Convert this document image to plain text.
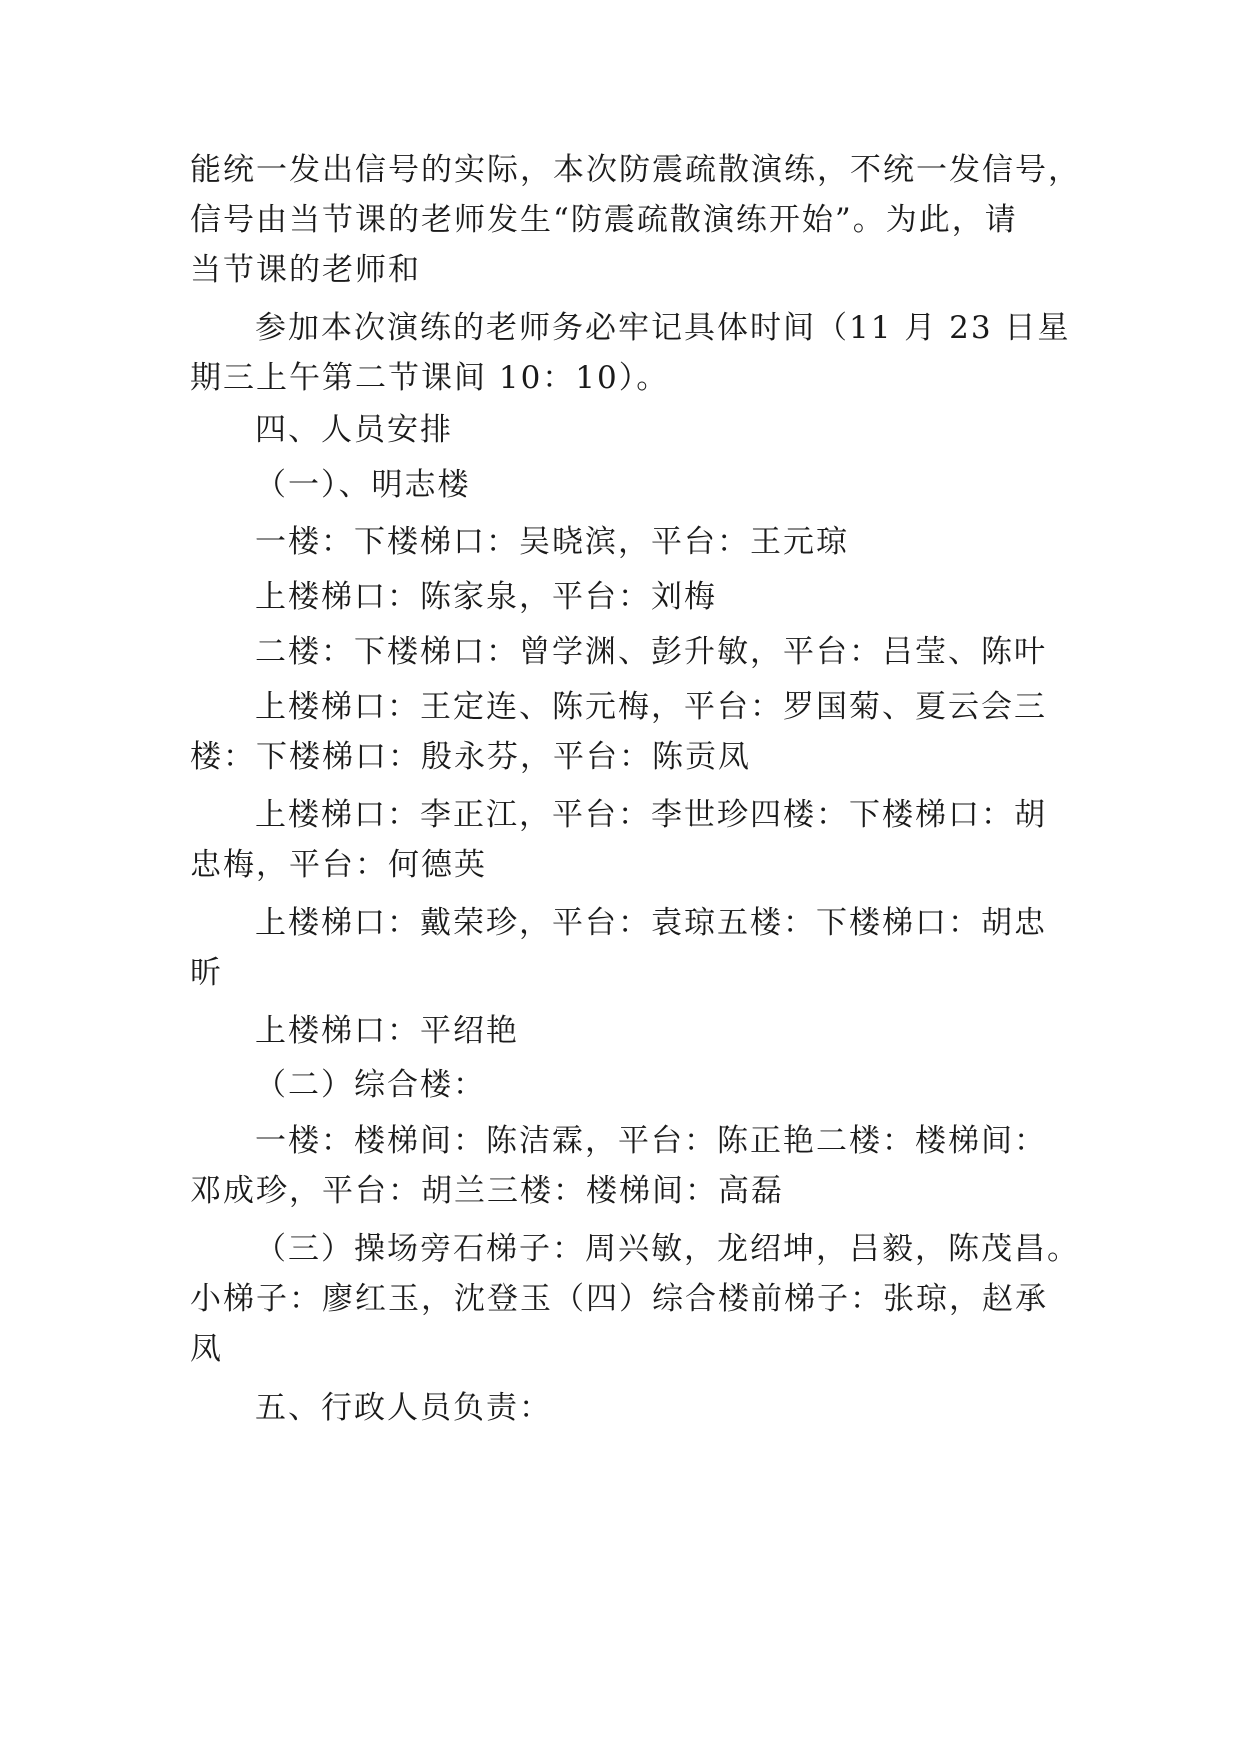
能统一发出信号的实际，本次防震疏散演练，不统一发信号，
信号由当节课的老师发生“防震疏散演练开始”。为此，请
当节课的老师和
参加本次演练的老师务必牢记具体时间（11 月 23 日星
期三上午第二节课间 10：10）。
四、人员安排
（一）、明志楼
一楼：下楼梯口：吴晓滨，平台：王元琼
上楼梯口：陈家泉，平台：刘梅
二楼：下楼梯口：曾学渊、彭升敏，平台：吕莹、陈叶
上楼梯口：王定连、陈元梅，平台：罗国菊、夏云会三
楼：下楼梯口：殷永芬，平台：陈贡凤
上楼梯口：李正江，平台：李世珍四楼：下楼梯口：胡
忠梅，平台：何德英
上楼梯口：戴荣珍，平台：袁琼五楼：下楼梯口：胡忠
昕
上楼梯口：平绍艳
（二）综合楼：
一楼：楼梯间：陈洁霖，平台：陈正艳二楼：楼梯间：
邓成珍，平台：胡兰三楼：楼梯间：高磊
（三）操场旁石梯子：周兴敏，龙绍坤，吕毅，陈茂昌。
小梯子：廖红玉，沈登玉（四）综合楼前梯子：张琼，赵承
凤
五、行政人员负责：
